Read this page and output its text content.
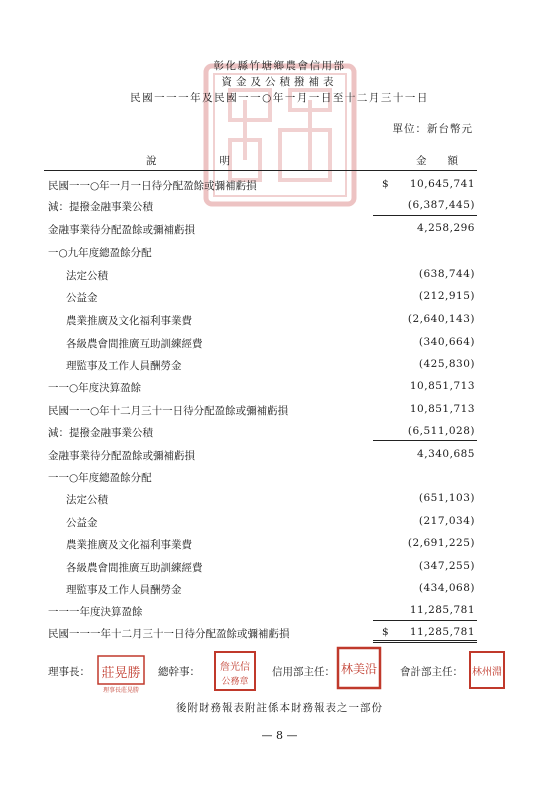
彰化縣竹塘鄉農會信用部
資金及公積撥補表
民國一一一年及民國一一○年一月一日至十二月三十一日
單位：新台幣元
說　　　　　　明	金　　額
民國一一○年一月一日待分配盈餘或彌補虧損	$ 10,645,741
減：提撥金融事業公積	(6,387,445)
金融事業待分配盈餘或彌補虧損	4,258,296
一○九年度總盈餘分配
法定公積	(638,744)
公益金	(212,915)
農業推廣及文化福利事業費	(2,640,143)
各級農會間推廣互助訓練經費	(340,664)
理監事及工作人員酬勞金	(425,830)
一一○年度決算盈餘	10,851,713
民國一一○年十二月三十一日待分配盈餘或彌補虧損	10,851,713
減：提撥金融事業公積	(6,511,028)
金融事業待分配盈餘或彌補虧損	4,340,685
一一○年度總盈餘分配
法定公積	(651,103)
公益金	(217,034)
農業推廣及文化福利事業費	(2,691,225)
各級農會間推廣互助訓練經費	(347,255)
理監事及工作人員酬勞金	(434,068)
一一一年度決算盈餘	11,285,781
民國一一一年十二月三十一日待分配盈餘或彌補虧損	$ 11,285,781
理事長： 莊晃勝
理事長莊晃勝
總幹事： 詹光信
公務章
信用部主任： 林美沿 會計部主任： 林州淵
後附財務報表附註係本財務報表之一部份
— 8 —
